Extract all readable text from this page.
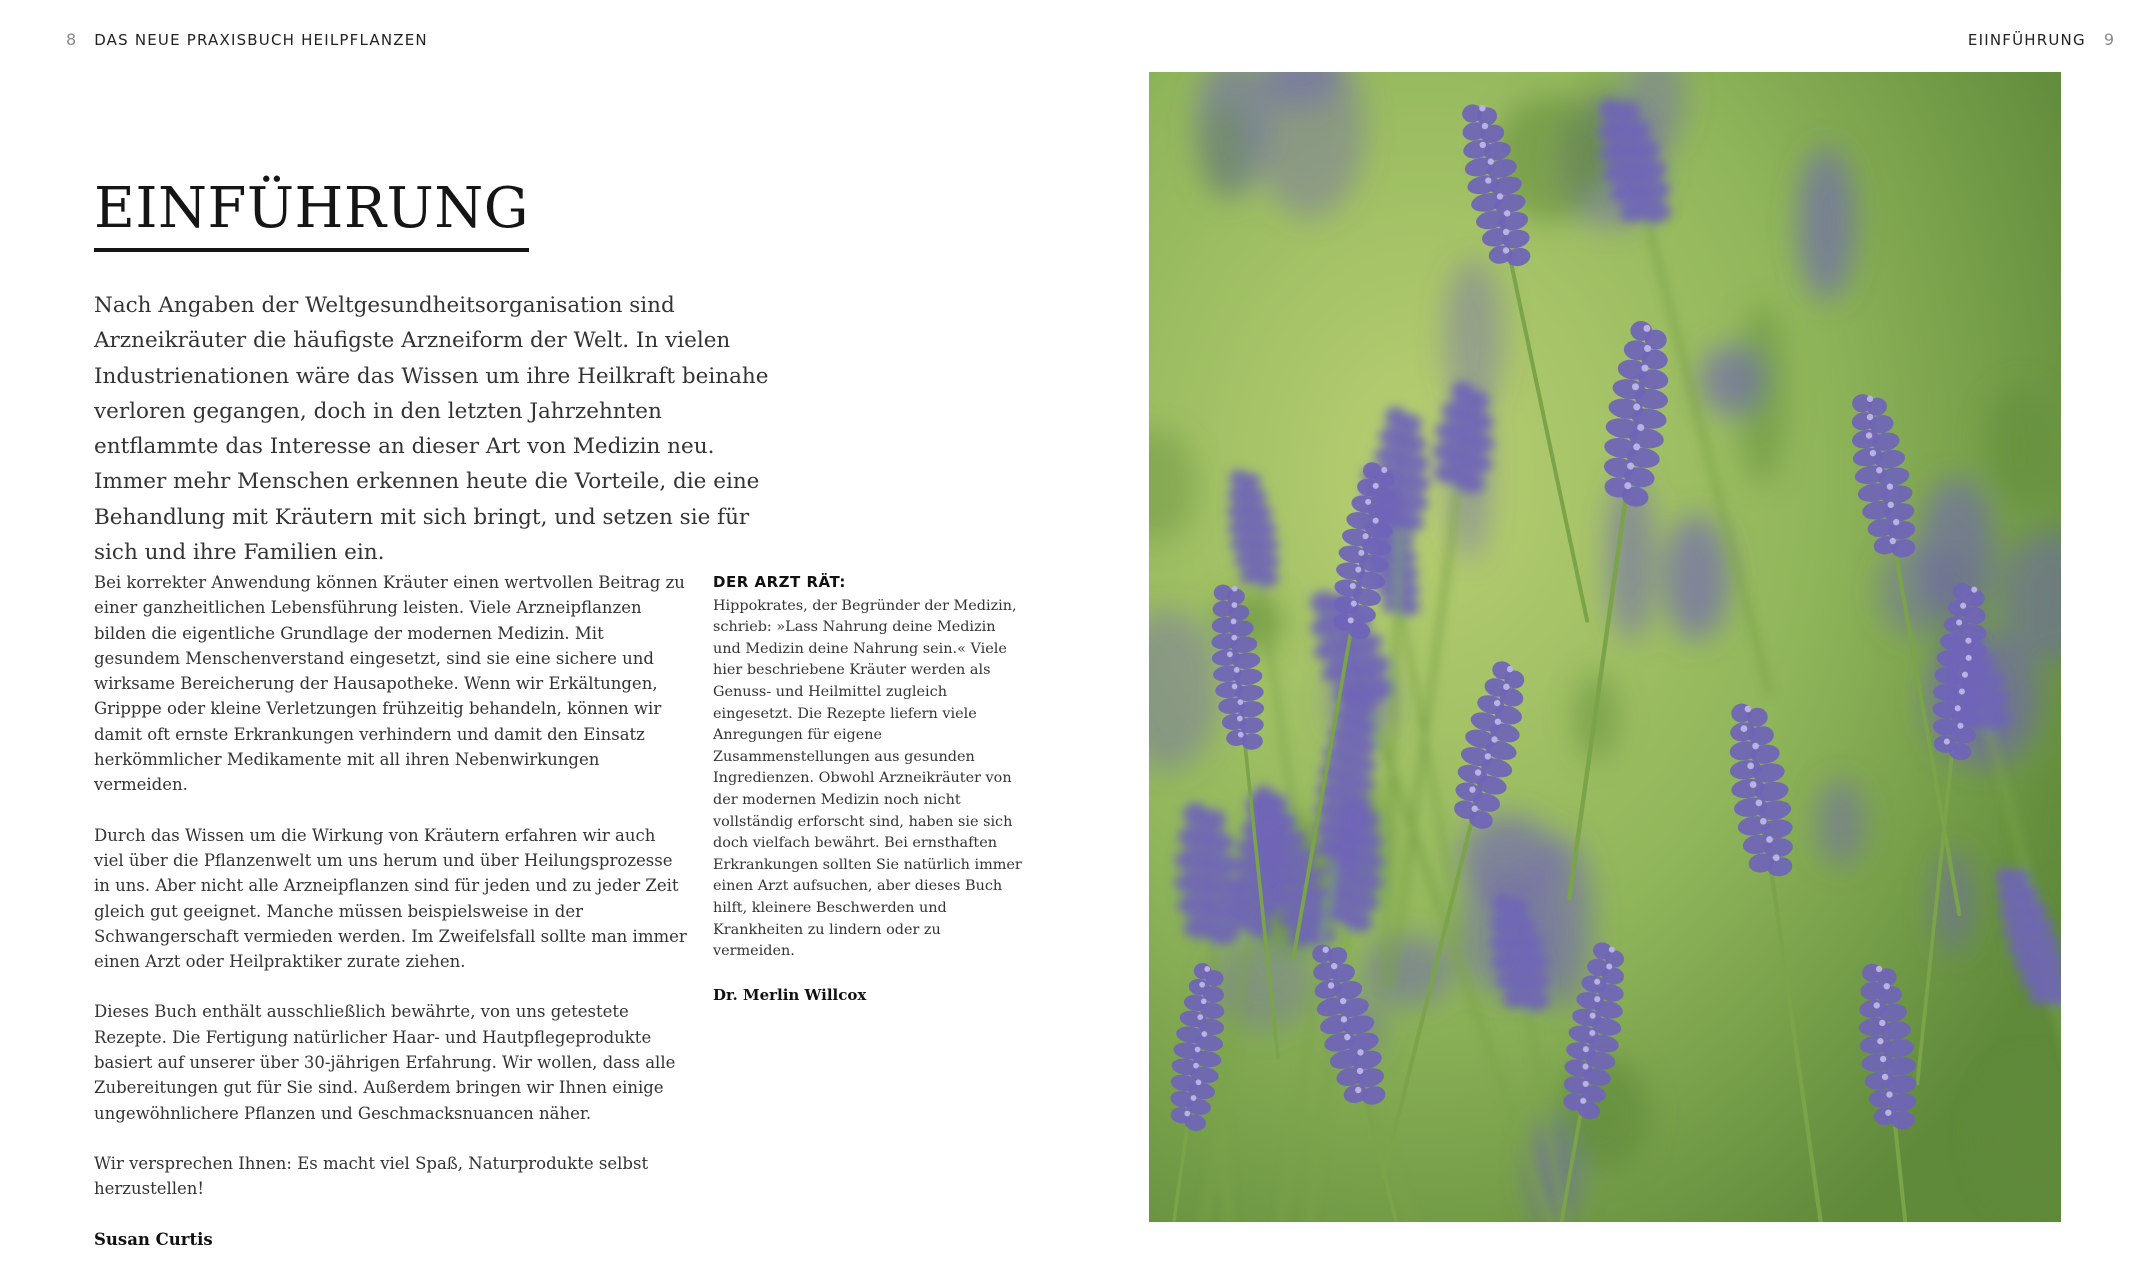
8 DAS NEUE PRAXISBUCH HEILPFLANZEN	EIINFÜHRUNG 9
EINFÜHRUNG

Nach Angaben der Weltgesundheitsorganisation sind Arzneikräuter die häufigste Arzneiform der Welt. In vielen Industrienationen wäre das Wissen um ihre Heilkraft beinahe verloren gegangen, doch in den letzten Jahrzehnten entflammte das Interesse an dieser Art von Medizin neu. Immer mehr Menschen erkennen heute die Vorteile, die eine Behandlung mit Kräutern mit sich bringt, und setzen sie für sich und ihre Familien ein.

Bei korrekter Anwendung können Kräuter einen wertvollen Beitrag zu einer ganzheitlichen Lebensführung leisten. Viele Arzneipflanzen bilden die eigentliche Grundlage der modernen Medizin. Mit gesundem Menschenverstand eingesetzt, sind sie eine sichere und wirksame Bereicherung der Hausapotheke. Wenn wir Erkältungen, Gripppe oder kleine Verletzungen frühzeitig behandeln, können wir damit oft ernste Erkrankungen verhindern und damit den Einsatz herkömmlicher Medikamente mit all ihren Nebenwirkungen vermeiden.

Durch das Wissen um die Wirkung von Kräutern erfahren wir auch viel über die Pflanzenwelt um uns herum und über Heilungsprozesse in uns. Aber nicht alle Arzneipflanzen sind für jeden und zu jeder Zeit gleich gut geeignet. Manche müssen beispielsweise in der Schwangerschaft vermieden werden. Im Zweifelsfall sollte man immer einen Arzt oder Heilpraktiker zurate ziehen.

Dieses Buch enthält ausschließlich bewährte, von uns getestete Rezepte. Die Fertigung natürlicher Haar- und Hautpflegeprodukte basiert auf unserer über 30-jährigen Erfahrung. Wir wollen, dass alle Zubereitungen gut für Sie sind. Außerdem bringen wir Ihnen einige ungewöhnlichere Pflanzen und Geschmacksnuancen näher.

Wir versprechen Ihnen: Es macht viel Spaß, Naturprodukte selbst herzustellen!

Susan Curtis

DER ARZT RÄT:

Hippokrates, der Begründer der Medizin, schrieb: »Lass Nahrung deine Medizin und Medizin deine Nahrung sein.« Viele hier beschriebene Kräuter werden als Genuss- und Heilmittel zugleich eingesetzt. Die Rezepte liefern viele Anregungen für eigene Zusammenstellungen aus gesunden Ingredienzen. Obwohl Arzneikräuter von der modernen Medizin noch nicht vollständig erforscht sind, haben sie sich doch vielfach bewährt. Bei ernsthaften Erkrankungen sollten Sie natürlich immer einen Arzt aufsuchen, aber dieses Buch hilft, kleinere Beschwerden und Krankheiten zu lindern oder zu vermeiden.

Dr. Merlin Willcox
